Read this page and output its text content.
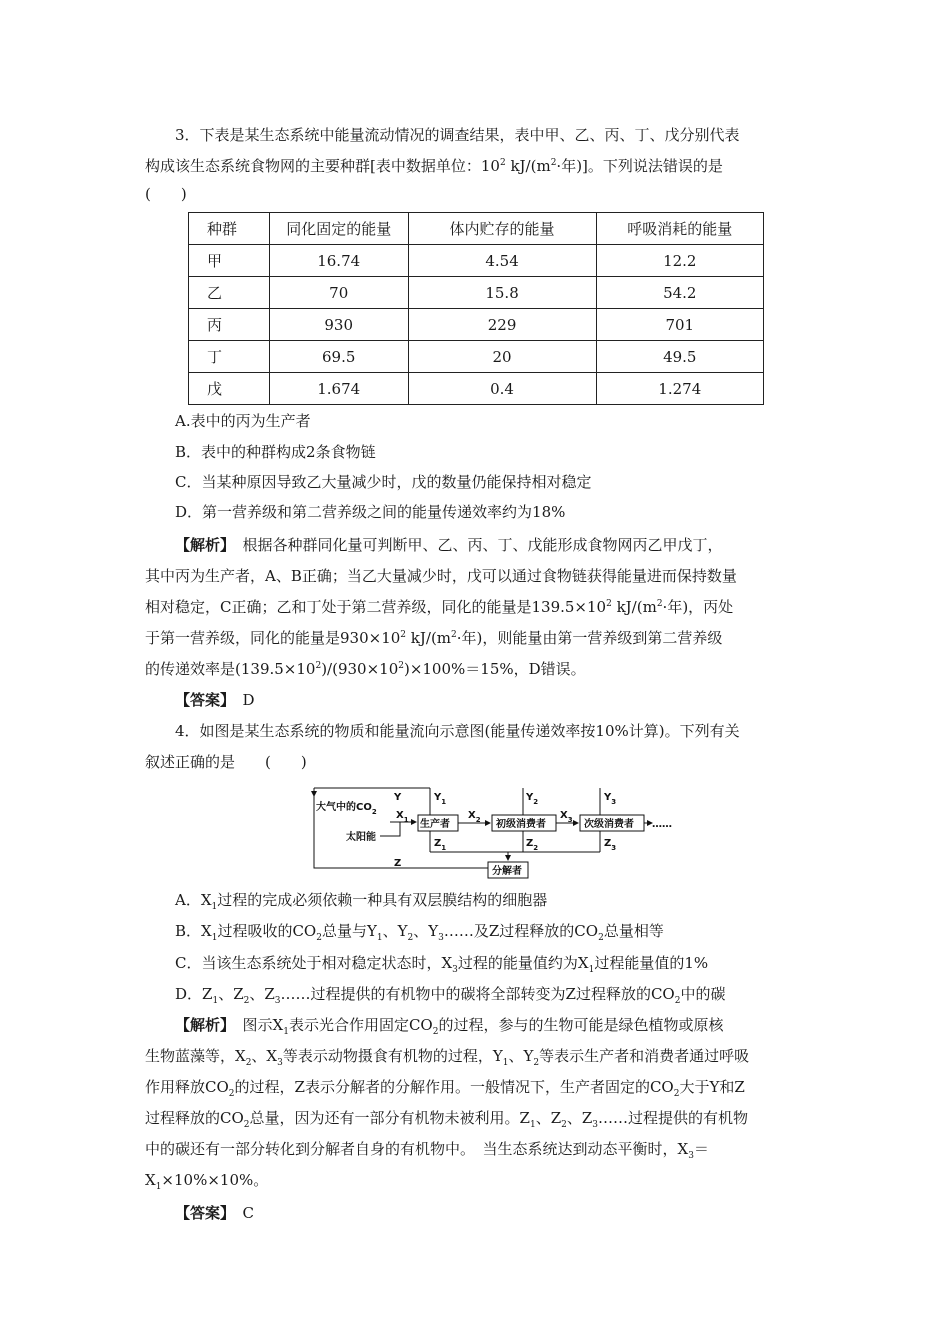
3．下表是某生态系统中能量流动情况的调查结果，表中甲、乙、丙、丁、戊分别代表
构成该生态系统食物网的主要种群[表中数据单位：$10^2$ $kJ/(m^2\cdot$年)]。下列说法错误的是
(　　)
种群	同化固定的能量	体内贮存的能量	呼吸消耗的能量
甲	16.74	4.54	12.2
乙	70	15.8	54.2
丙	930	229	701
丁	69.5	20	49.5
戊	1.674	0.4	1.274
A.表中的丙为生产者
B．表中的种群构成2条食物链
C．当某种原因导致乙大量减少时，戊的数量仍能保持相对稳定
D．第一营养级和第二营养级之间的能量传递效率约为18%
【解析】　根据各种群同化量可判断甲、乙、丙、丁、戊能形成食物网丙乙甲戊丁，
其中丙为生产者，A、B正确；当乙大量减少时，戊可以通过食物链获得能量进而保持数量
相对稳定，C正确；乙和丁处于第二营养级，同化的能量是$139.5\times 10^2$ $kJ/(m^2\cdot$年)，丙处
于第一营养级，同化的能量是$930\times 10^2$ $kJ/(m^2\cdot$年)，则能量由第一营养级到第二营养级
的传递效率是$(139.5\times 10^2)/(930\times 10^2)\times 100\%=15\%$，D错误。
【答案】　 D
4．如图是某生态系统的物质和能量流向示意图(能量传递效率按10%计算)。下列有关
叙述正确的是　　(　　)
大气中的$CO_2$
Y
太阳能
$X_1$ 生产者
$Y_1$
$Z_1$
$X_2$ 初级消费者
$Y_2$
$Z_2$
$X_3$ 次级消费者
$Y_3$
$Z_3$
……
Z
分解者
A．$X_1$过程的完成必须依赖一种具有双层膜结构的细胞器
B．$X_1$过程吸收的$CO_2$总量与$Y_1$、$Y_2$、$Y_3\dots\dots$及Z过程释放的$CO_2$总量相等
C．当该生态系统处于相对稳定状态时，$X_3$过程的能量值约为$X_1$过程能量值的1%
D．$Z_1$、$Z_2$、$Z_3\dots\dots$过程提供的有机物中的碳将全部转变为Z过程释放的$CO_2$中的碳
【解析】　图示$X_1$表示光合作用固定$CO_2$的过程，参与的生物可能是绿色植物或原核
生物蓝藻等，$X_2$、$X_3$等表示动物摄食有机物的过程，$Y_1$、$Y_2$等表示生产者和消费者通过呼吸
作用释放$CO_2$的过程，Z表示分解者的分解作用。一般情况下，生产者固定的$CO_2$大于Y和Z
过程释放的$CO_2$总量，因为还有一部分有机物未被利用。$Z_1$、$Z_2$、$Z_3\dots\dots$过程提供的有机物
中的碳还有一部分转化到分解者自身的有机物中。　当生态系统达到动态平衡时，$X_3=$
$X_1\times 10\%\times 10\%$。
【答案】　 C
